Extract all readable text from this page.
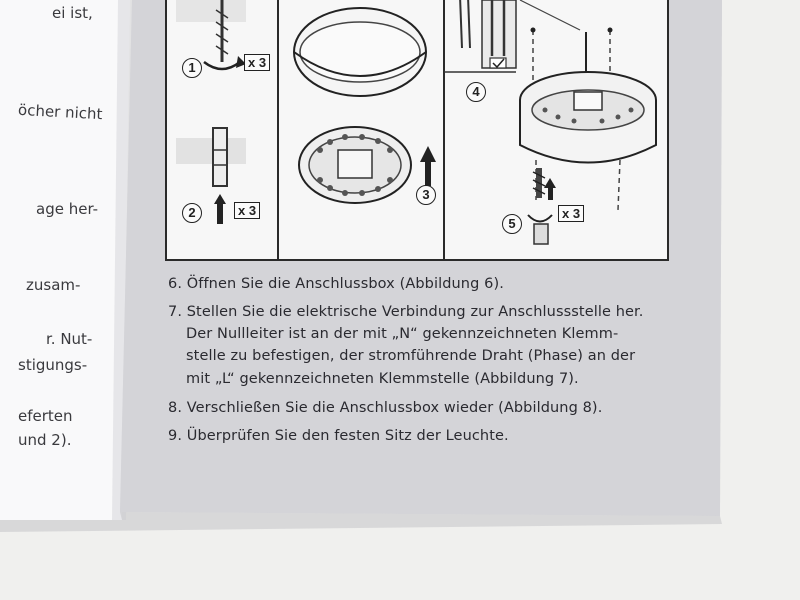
x 3
x 3	x 3
1
2
3
4
5
ei ist,
öcher nicht
age her-
zusam-
r. Nut-
stigungs-
eferten
und 2).
6. Öffnen Sie die Anschlussbox (Abbildung 6).
7. Stellen Sie die elektrische Verbindung zur Anschlussstelle her.
Der Nullleiter ist an der mit „N“ gekennzeichneten Klemm-
stelle zu befestigen, der stromführende Draht (Phase) an der
mit „L“ gekennzeichneten Klemmstelle (Abbildung 7).
8. Verschließen Sie die Anschlussbox wieder (Abbildung 8).
9. Überprüfen Sie den festen Sitz der Leuchte.
